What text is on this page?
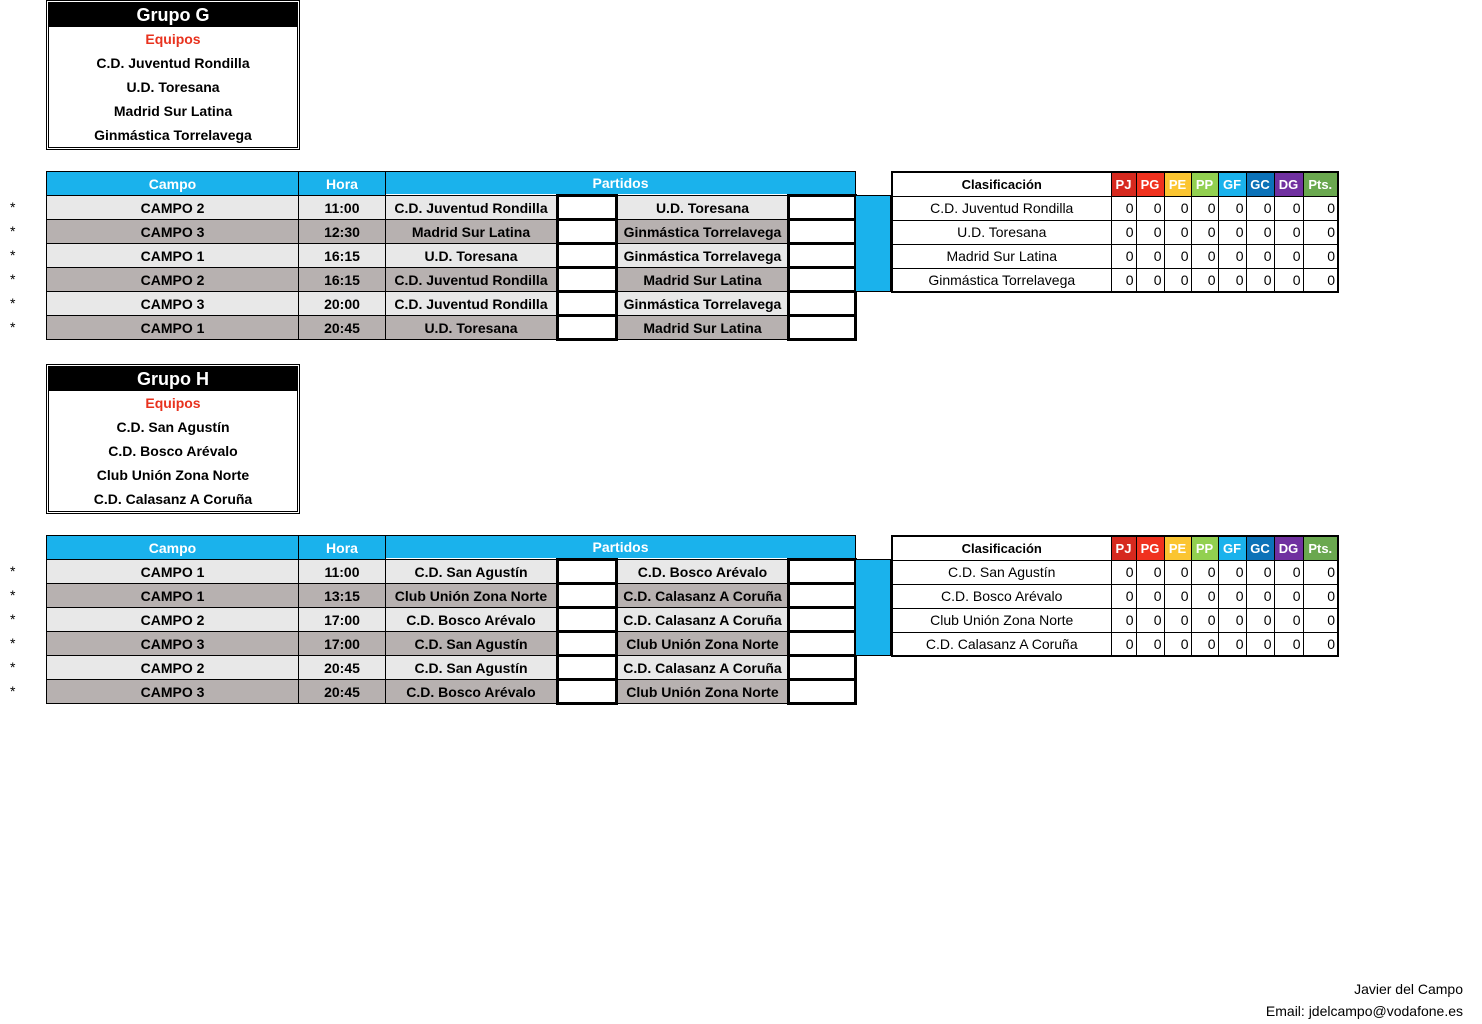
Grupo G
Equipos
C.D. Juventud Rondilla
U.D. Toresana
Madrid Sur Latina
Ginmástica Torrelavega
*
*
*
*
*
*
Campo	Hora	Partidos			
CAMPO 2	11:00	C.D. Juventud Rondilla		U.D. Toresana	
CAMPO 3	12:30	Madrid Sur Latina		Ginmástica Torrelavega	
CAMPO 1	16:15	U.D. Toresana		Ginmástica Torrelavega	
CAMPO 2	16:15	C.D. Juventud Rondilla		Madrid Sur Latina	
CAMPO 3	20:00	C.D. Juventud Rondilla		Ginmástica Torrelavega	
CAMPO 1	20:45	U.D. Toresana		Madrid Sur Latina	
Clasificación	PJ	PG	PE	PP	GF	GC	DG	Pts.
C.D. Juventud Rondilla	0	0	0	0	0	0	0	0
U.D. Toresana	0	0	0	0	0	0	0	0
Madrid Sur Latina	0	0	0	0	0	0	0	0
Ginmástica Torrelavega	0	0	0	0	0	0	0	0
Grupo H
Equipos
C.D. San Agustín
C.D. Bosco Arévalo
Club Unión Zona Norte
C.D. Calasanz A Coruña
*
*
*
*
*
*
Campo	Hora	Partidos			
CAMPO 1	11:00	C.D. San Agustín		C.D. Bosco Arévalo	
CAMPO 1	13:15	Club Unión Zona Norte		C.D. Calasanz A Coruña	
CAMPO 2	17:00	C.D. Bosco Arévalo		C.D. Calasanz A Coruña	
CAMPO 3	17:00	C.D. San Agustín		Club Unión Zona Norte	
CAMPO 2	20:45	C.D. San Agustín		C.D. Calasanz A Coruña	
CAMPO 3	20:45	C.D. Bosco Arévalo		Club Unión Zona Norte	
Clasificación	PJ	PG	PE	PP	GF	GC	DG	Pts.
C.D. San Agustín	0	0	0	0	0	0	0	0
C.D. Bosco Arévalo	0	0	0	0	0	0	0	0
Club Unión Zona Norte	0	0	0	0	0	0	0	0
C.D. Calasanz A Coruña	0	0	0	0	0	0	0	0
Javier del Campo
Email: jdelcampo@vodafone.es
